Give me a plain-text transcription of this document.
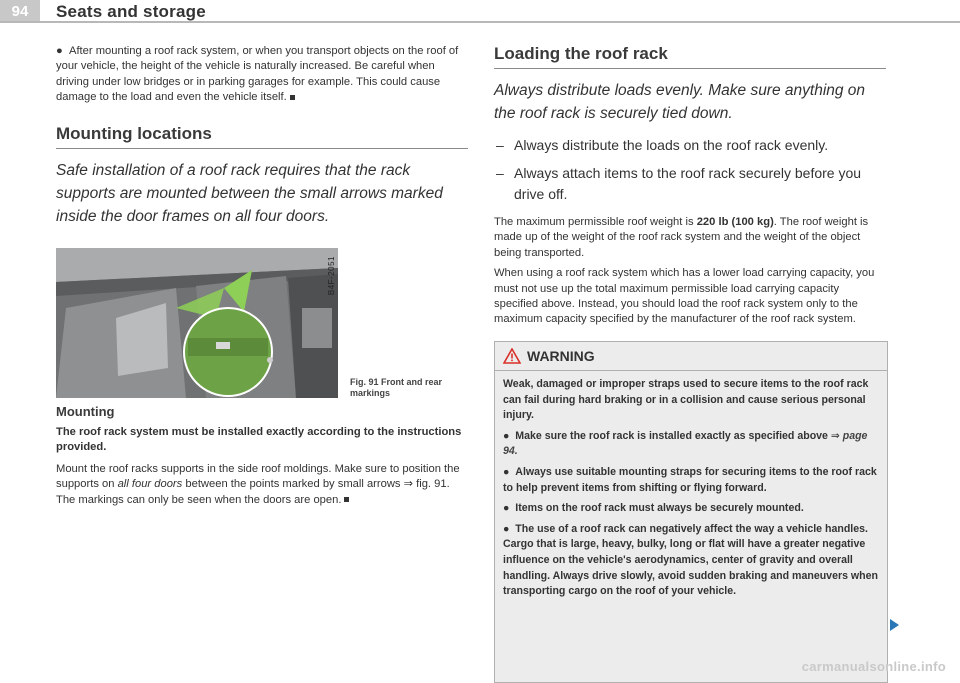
94	Seats and storage

●  After mounting a roof rack system, or when you transport objects on the roof of your vehicle, the height of the vehicle is naturally increased. Be careful when driving under low bridges or in parking garages for example. This could cause damage to the load and even the vehicle itself.

Mounting locations

Safe installation of a roof rack requires that the rack supports are mounted between the small arrows marked inside the door frames on all four doors.

B4F-2051
Fig. 91 Front and rear markings
Mounting

The roof rack system must be installed exactly according to the instructions provided.

Mount the roof racks supports in the side roof moldings. Make sure to position the supports on all four doors between the points marked by small arrows ⇒ fig. 91. The markings can only be seen when the doors are open.

Loading the roof rack

Always distribute loads evenly. Make sure anything on the roof rack is securely tied down.

– Always distribute the loads on the roof rack evenly.
– Always attach items to the roof rack securely before you drive off.

The maximum permissible roof weight is 220 lb (100 kg). The roof weight is made up of the weight of the roof rack system and the weight of the object being transported.

When using a roof rack system which has a lower load carrying capacity, you must not use up the total maximum permissible load carrying capacity specified above. Instead, you should load the roof rack system only to the maximum capacity specified by the manufacturer of the roof rack system.

WARNING

Weak, damaged or improper straps used to secure items to the roof rack can fail during hard braking or in a collision and cause serious personal injury.

●  Make sure the roof rack is installed exactly as specified above ⇒ page 94.

●  Always use suitable mounting straps for securing items to the roof rack to help prevent items from shifting or flying forward.

●  Items on the roof rack must always be securely mounted.

●  The use of a roof rack can negatively affect the way a vehicle handles. Cargo that is large, heavy, bulky, long or flat will have a greater negative influence on the vehicle's aerodynamics, center of gravity and overall handling. Always drive slowly, avoid sudden braking and maneuvers when transporting cargo on the roof of your vehicle.

carmanualsonline.info
